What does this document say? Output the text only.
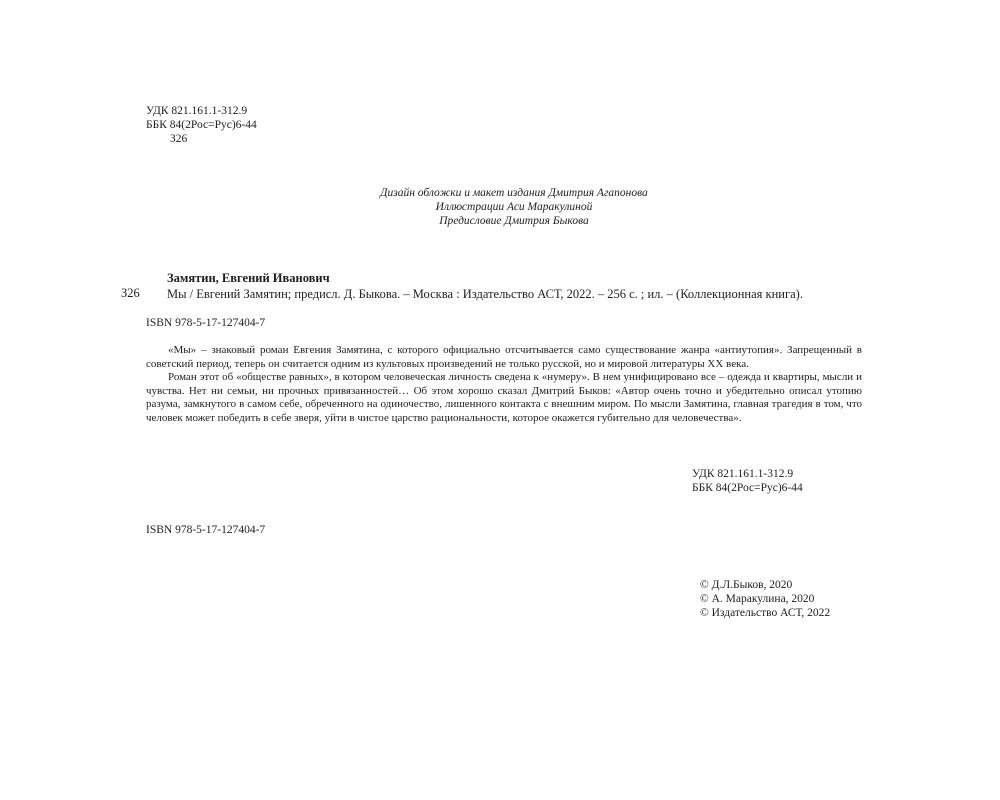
УДК 821.161.1-312.9
ББК 84(2Рос=Рус)6-44
З26
Дизайн обложки и макет издания Дмитрия Агапонова
Иллюстрации Аси Маракулиной
Предисловие Дмитрия Быкова
Замятин, Евгений Иванович
З26 Мы / Евгений Замятин; предисл. Д. Быкова. – Москва : Издательство АСТ, 2022. – 256 с. ; ил. – (Коллекционная книга).
ISBN 978-5-17-127404-7

«Мы» – знаковый роман Евгения Замятина, с которого официально отсчитывается само существование жанра «антиутопия». Запрещенный в советский период, теперь он считается одним из культовых произведений не только русской, но и мировой литературы XX века.

Роман этот об «обществе равных», в котором человеческая личность сведена к «нумеру». В нем унифицировано все – одежда и квартиры, мысли и чувства. Нет ни семьи, ни прочных привязанностей… Об этом хорошо сказал Дмитрий Быков: «Автор очень точно и убедительно описал утопию разума, замкнутого в самом себе, обреченного на одиночество, лишенного контакта с внешним миром. По мысли Замятина, главная трагедия в том, что человек может победить в себе зверя, уйти в чистое царство рациональности, которое окажется губительно для человечества».

УДК 821.161.1-312.9
ББК 84(2Рос=Рус)6-44
ISBN 978-5-17-127404-7
© Д.Л.Быков, 2020
© А. Маракулина, 2020
© Издательство АСТ, 2022
